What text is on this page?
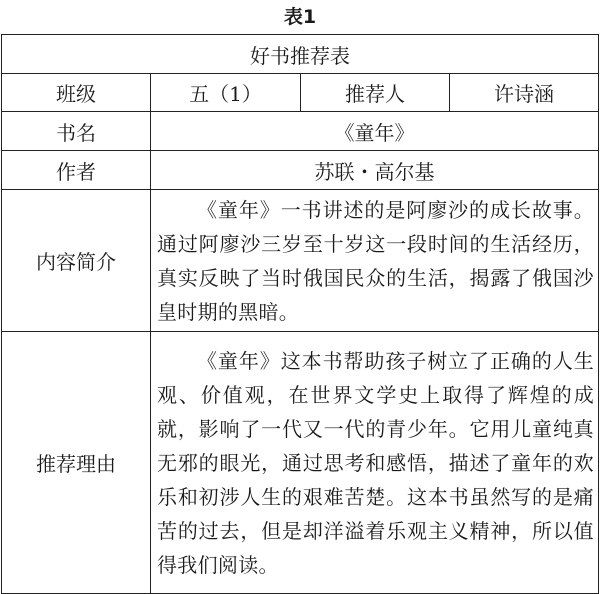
表1
好书推荐表			
班级	五（1）	推荐人	许诗涵
书名	《童年》		
作者	苏联・高尔基		
内容简介	《童年》一书讲述的是阿廖沙的成长故事。通过阿廖沙三岁至十岁这一段时间的生活经历，真实反映了当时俄国民众的生活，揭露了俄国沙皇时期的黑暗。		
推荐理由	《童年》这本书帮助孩子树立了正确的人生观、价值观，在世界文学史上取得了辉煌的成就，影响了一代又一代的青少年。它用儿童纯真无邪的眼光，通过思考和感悟，描述了童年的欢乐和初涉人生的艰难苦楚。这本书虽然写的是痛苦的过去，但是却洋溢着乐观主义精神，所以值得我们阅读。		
